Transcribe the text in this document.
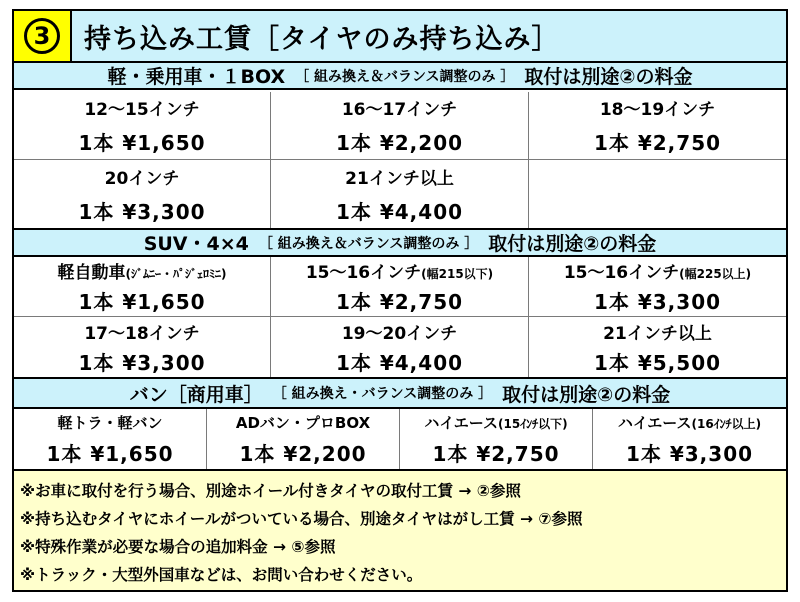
3	持ち込み工賃［タイヤのみ持ち込み］
軽・乗用車・１BOX ［ 組み換え＆バランス調整のみ ］ 取付は別途②の料金
12〜15インチ
1本 ¥1,650
16〜17インチ
1本 ¥2,200
18〜19インチ
1本 ¥2,750
20インチ
1本 ¥3,300
21インチ以上
1本 ¥4,400
SUV・4×4 ［ 組み換え＆バランス調整のみ ］ 取付は別途②の料金
軽自動車(ｼﾞﾑﾆｰ・ﾊﾟｼﾞｪﾛﾐﾆ)
1本 ¥1,650
15〜16インチ(幅215以下)
1本 ¥2,750
15〜16インチ(幅225以上)
1本 ¥3,300
17〜18インチ
1本 ¥3,300
19〜20インチ
1本 ¥4,400
21インチ以上
1本 ¥5,500
バン［商用車］ ［ 組み換え・バランス調整のみ ］ 取付は別途②の料金
軽トラ・軽バン
1本 ¥1,650
ADバン・プロBOX
1本 ¥2,200
ハイエース(15ｲﾝﾁ以下)
1本 ¥2,750
ハイエース(16ｲﾝﾁ以上)
1本 ¥3,300
※お車に取付を行う場合、別途ホイール付きタイヤの取付工賃 → ②参照
※持ち込むタイヤにホイールがついている場合、別途タイヤはがし工賃 → ⑦参照
※特殊作業が必要な場合の追加料金 → ⑤参照
※トラック・大型外国車などは、お問い合わせください。
